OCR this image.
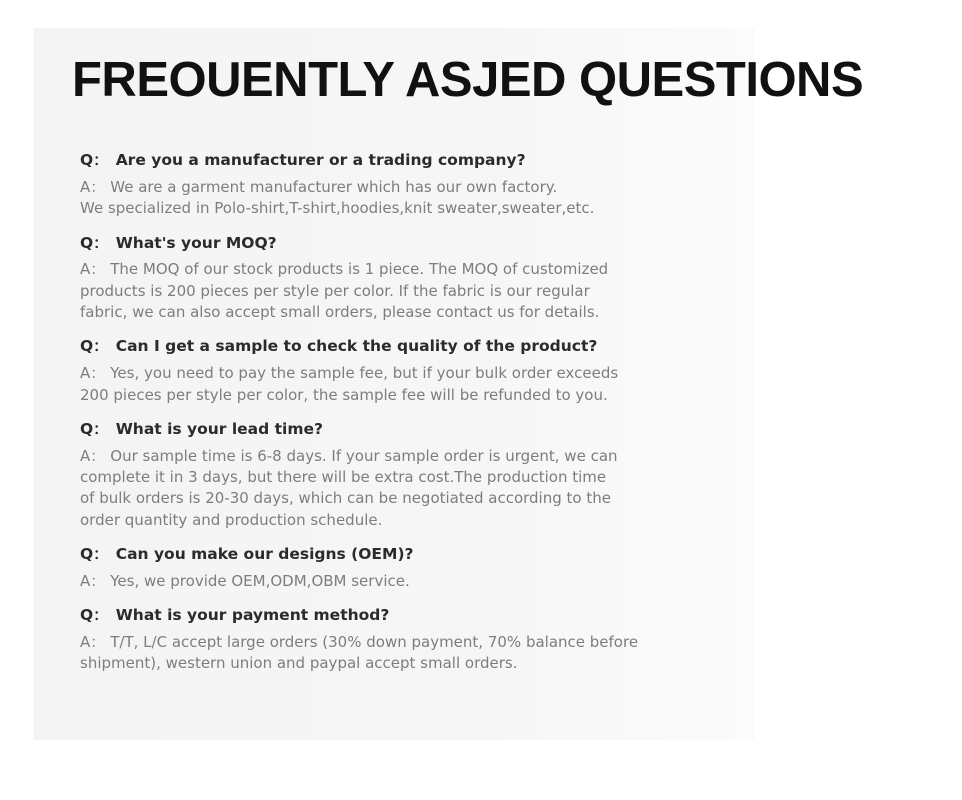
FREOUENTLY ASJED QUESTIONS
Q： Are you a manufacturer or a trading company?
A： We are a garment manufacturer which has our own factory.
We specialized in Polo-shirt,T-shirt,hoodies,knit sweater,sweater,etc.
Q： What's your MOQ?
A： The MOQ of our stock products is 1 piece. The MOQ of customized
products is 200 pieces per style per color. If the fabric is our regular
fabric, we can also accept small orders, please contact us for details.
Q： Can I get a sample to check the quality of the product?
A： Yes, you need to pay the sample fee, but if your bulk order exceeds
200 pieces per style per color, the sample fee will be refunded to you.
Q： What is your lead time?
A： Our sample time is 6-8 days. If your sample order is urgent, we can
complete it in 3 days, but there will be extra cost.The production time
of bulk orders is 20-30 days, which can be negotiated according to the
order quantity and production schedule.
Q： Can you make our designs (OEM)?
A： Yes, we provide OEM,ODM,OBM service.
Q： What is your payment method?
A： T/T, L/C accept large orders (30% down payment, 70% balance before
shipment), western union and paypal accept small orders.
